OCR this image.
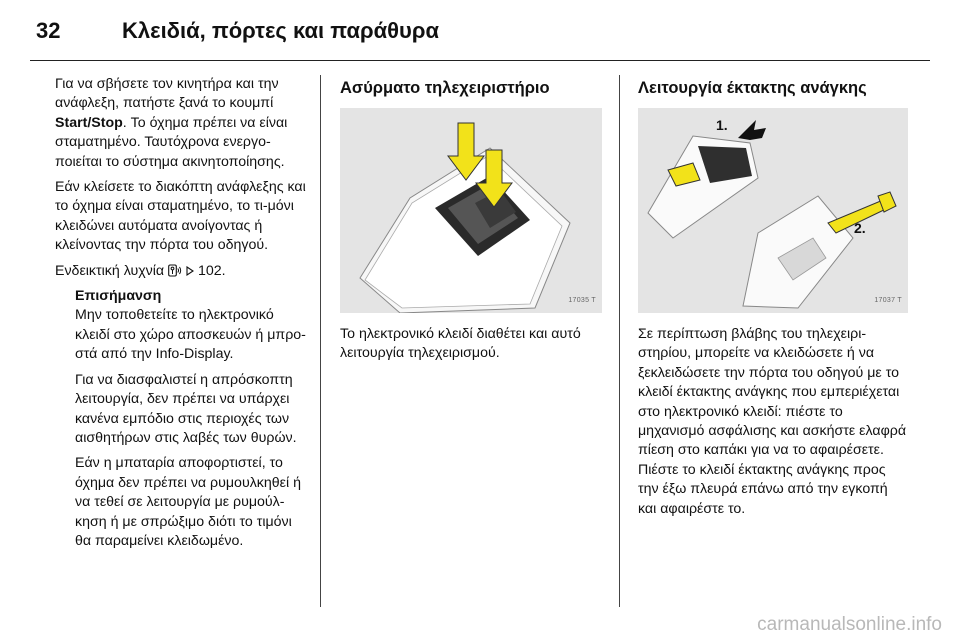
32	Κλειδιά, πόρτες και παράθυρα

Για να σβήσετε τον κινητήρα και την ανάφλεξη, πατήστε ξανά το κουμπί Start/Stop. Το όχημα πρέπει να είναι σταματημένο. Ταυτόχρονα ενεργο-ποιείται το σύστημα ακινητοποίησης.

Εάν κλείσετε το διακόπτη ανάφλεξης και το όχημα είναι σταματημένο, το τι-μόνι κλειδώνει αυτόματα ανοίγοντας ή κλείνοντας την πόρτα του οδηγού.

Ενδεικτική λυχνία 102.

Επισήμανση
Μην τοποθετείτε το ηλεκτρονικό κλειδί στο χώρο αποσκευών ή μπρο-στά από την Info-Display.

Για να διασφαλιστεί η απρόσκοπτη λειτουργία, δεν πρέπει να υπάρχει κανένα εμπόδιο στις περιοχές των αισθητήρων στις λαβές των θυρών.

Εάν η μπαταρία αποφορτιστεί, το όχημα δεν πρέπει να ρυμουλκηθεί ή να τεθεί σε λειτουργία με ρυμούλ-κηση ή με σπρώξιμο διότι το τιμόνι θα παραμείνει κλειδωμένο.

Ασύρματο τηλεχειριστήριο
17035 T

Το ηλεκτρονικό κλειδί διαθέτει και αυτό λειτουργία τηλεχειρισμού.

Λειτουργία έκτακτης ανάγκης
1.
2.
17037 T

Σε περίπτωση βλάβης του τηλεχειρι-στηρίου, μπορείτε να κλειδώσετε ή να ξεκλειδώσετε την πόρτα του οδηγού με το κλειδί έκτακτης ανάγκης που εμπεριέχεται στο ηλεκτρονικό κλειδί: πιέστε το μηχανισμό ασφάλισης και ασκήστε ελαφρά πίεση στο καπάκι για να το αφαιρέσετε. Πιέστε το κλειδί έκτακτης ανάγκης προς την έξω πλευρά επάνω από την εγκοπή και αφαιρέστε το.

carmanualsonline.info
